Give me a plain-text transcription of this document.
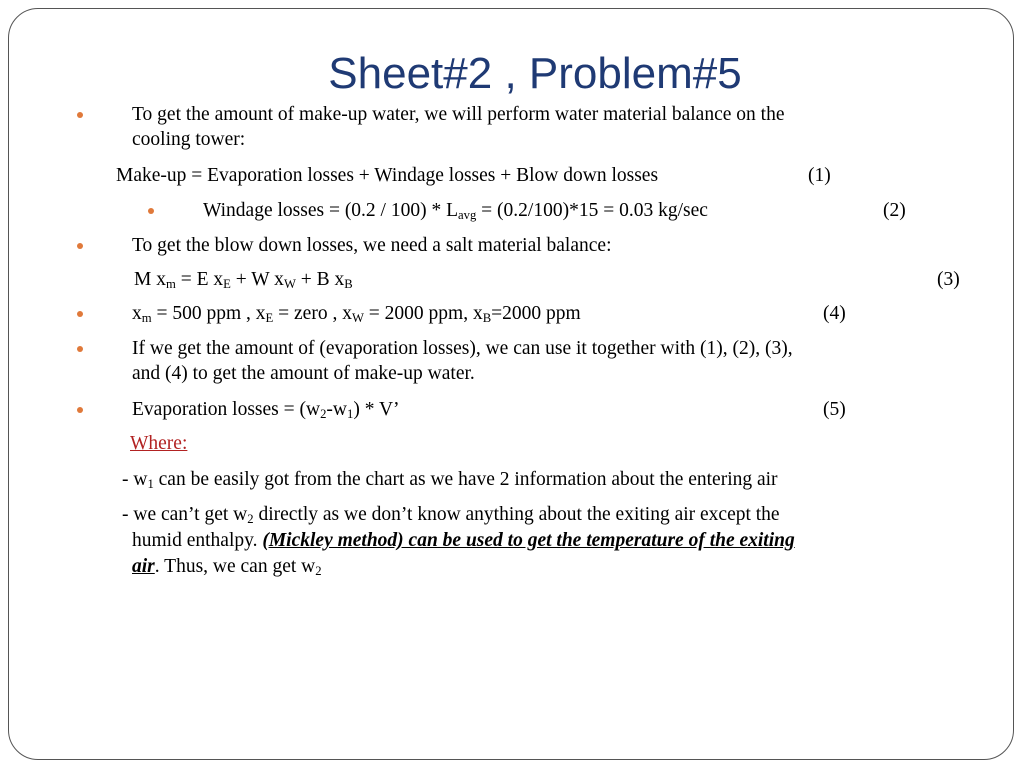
Sheet#2 , Problem#5
To get the amount of make-up water, we will perform water material balance on the
cooling tower:
Make-up = Evaporation losses + Windage losses + Blow down losses	(1)
Windage losses = $(0.2 / 100) * L_{avg} = (0.2/100)*15 = 0.03$ kg/sec	(2)
To get the blow down losses, we need a salt material balance:
M $x_m = E$ $x_E + W$ $x_W + B$ $x_B$	(3)
$x_m = 500$ ppm , $x_E$ = zero , $x_W = 2000$ ppm, $x_B=2000$ ppm	(4)
If we get the amount of (evaporation losses), we can use it together with (1), (2), (3),
and (4) to get the amount of make-up water.
Evaporation losses = $(w_2-w_1)$ * V’	(5)
Where:
- $w_1$ can be easily got from the chart as we have 2 information about the entering air
- we can’t get $w_2$ directly as we don’t know anything about the exiting air except the
humid enthalpy. (Mickley method) can be used to get the temperature of the exiting
air. Thus, we can get $w_2$
